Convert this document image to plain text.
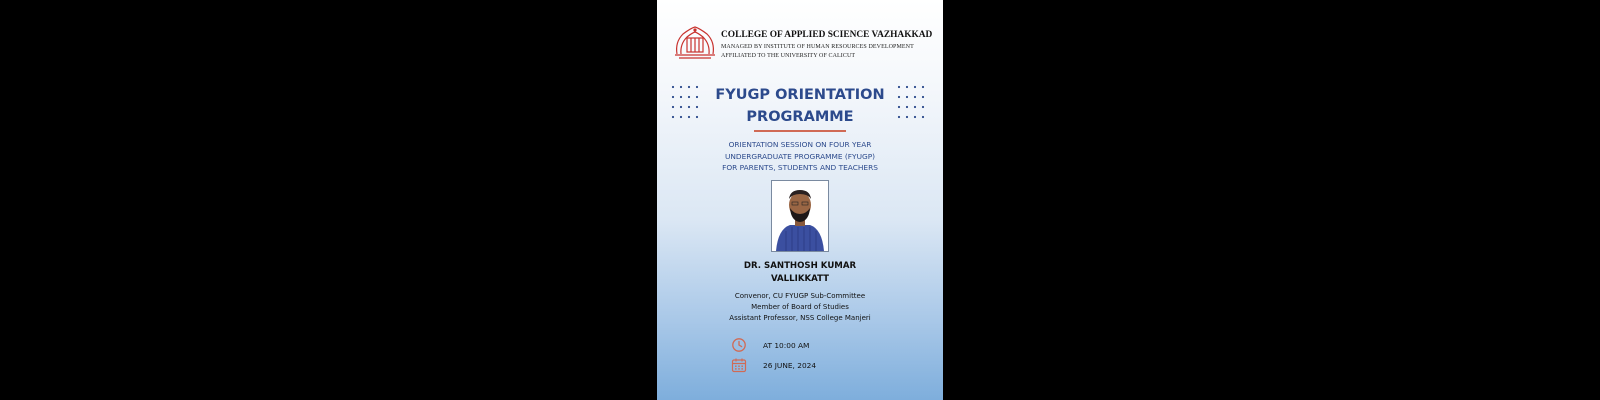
COLLEGE OF APPLIED SCIENCE VAZHAKKAD
MANAGED BY INSTITUTE OF HUMAN RESOURCES DEVELOPMENT
AFFILIATED TO THE UNIVERSITY OF CALICUT
FYUGP ORIENTATION
PROGRAMME
ORIENTATION SESSION ON FOUR YEAR
UNDERGRADUATE PROGRAMME (FYUGP)
FOR PARENTS, STUDENTS AND TEACHERS
DR. SANTHOSH KUMAR
VALLIKKATT
Convenor, CU FYUGP Sub-Committee
Member of Board of Studies
Assistant Professor, NSS College Manjeri
AT 10:00 AM
26 JUNE, 2024
